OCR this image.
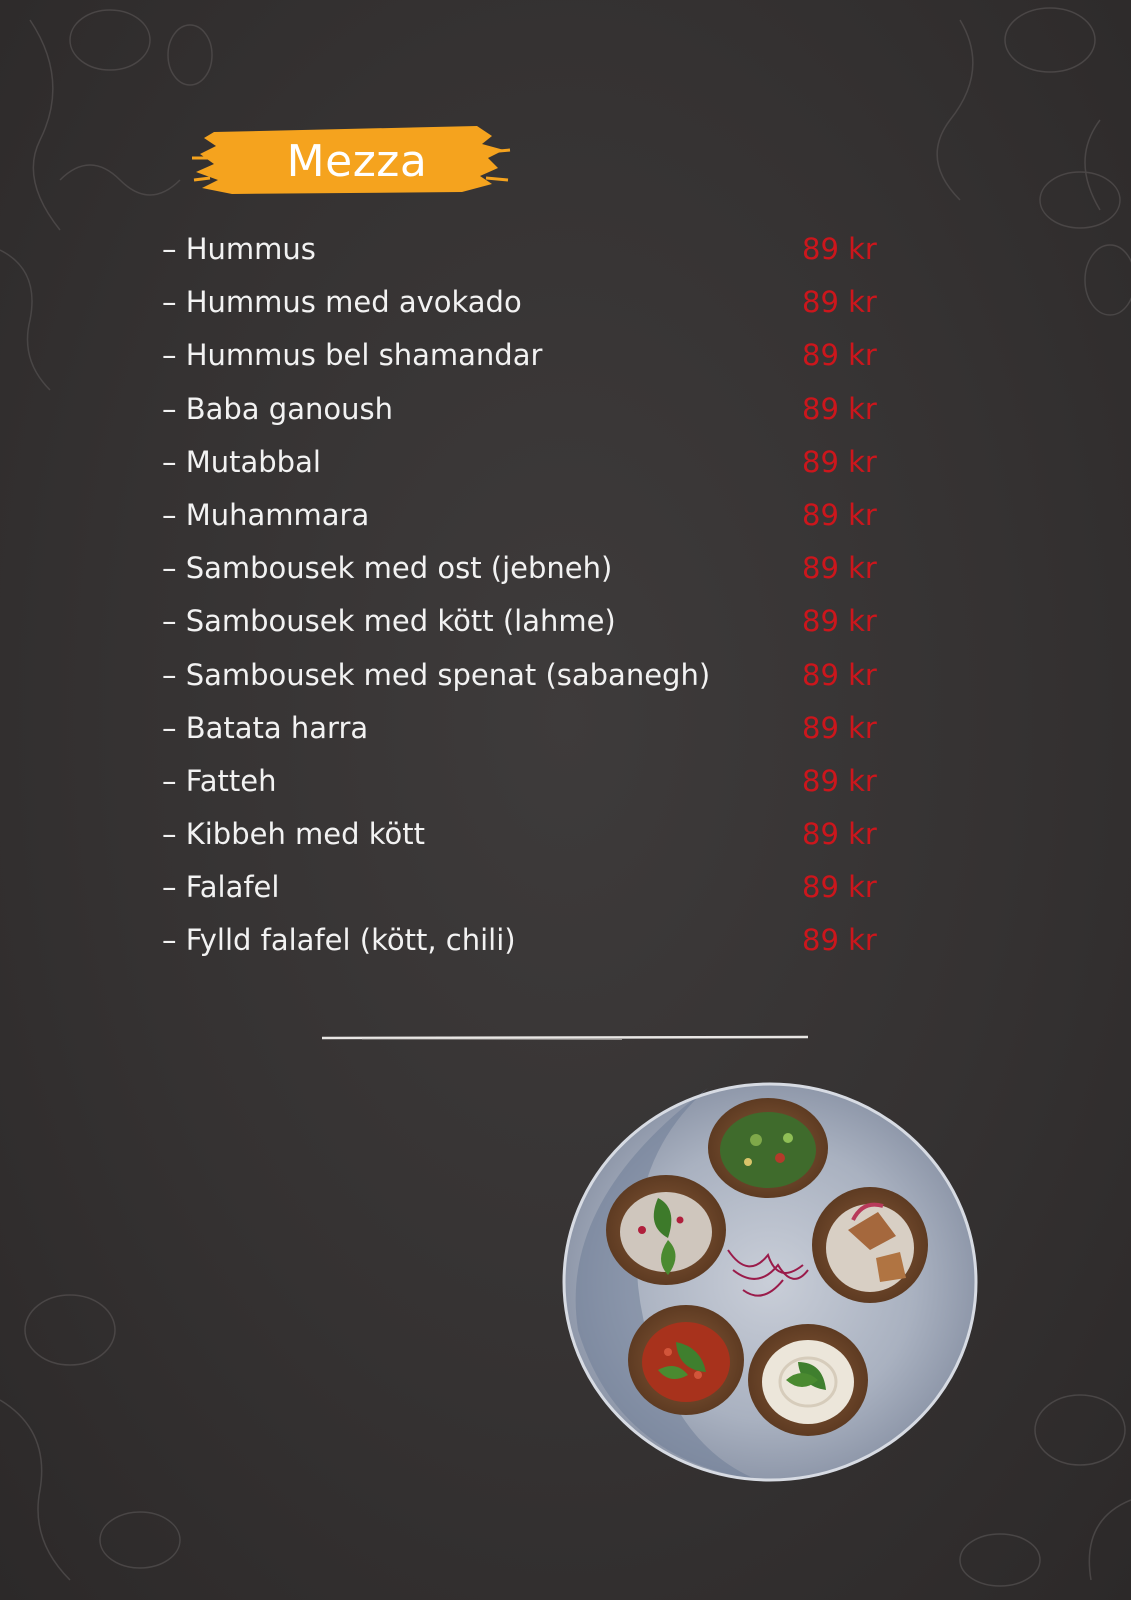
Mezza
– Hummus	89 kr
– Hummus med avokado	89 kr
– Hummus bel shamandar	89 kr
– Baba ganoush	89 kr
– Mutabbal	89 kr
– Muhammara	89 kr
– Sambousek med ost (jebneh)	89 kr
– Sambousek med kött (lahme)	89 kr
– Sambousek med spenat (sabanegh)	89 kr
– Batata harra	89 kr
– Fatteh	89 kr
– Kibbeh med kött	89 kr
– Falafel	89 kr
– Fylld falafel (kött, chili)	89 kr
